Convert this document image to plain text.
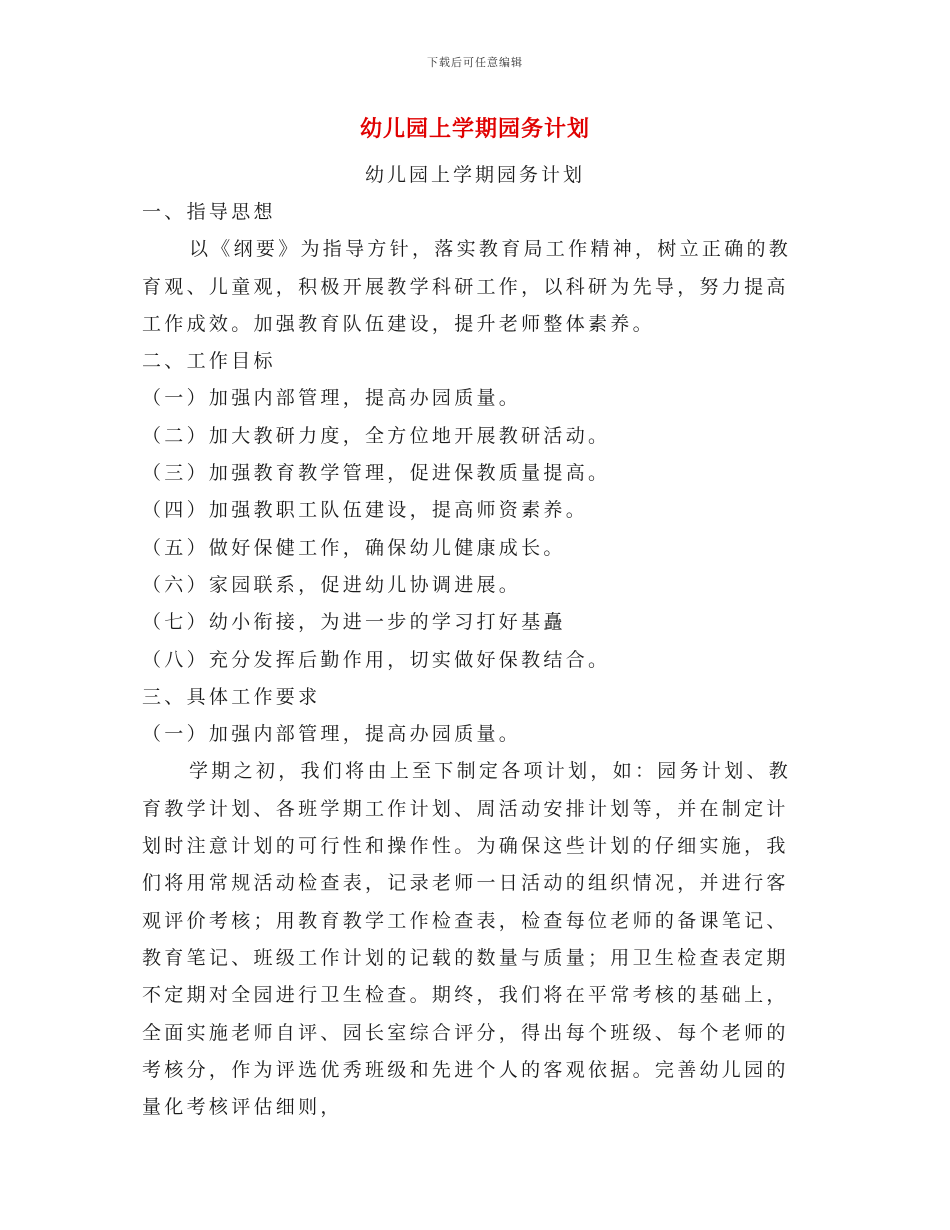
下载后可任意编辑
幼儿园上学期园务计划
幼儿园上学期园务计划

一、指导思想

以《纲要》为指导方针，落实教育局工作精神，树立正确的教育观、儿童观，积极开展教学科研工作，以科研为先导，努力提高工作成效。加强教育队伍建设，提升老师整体素养。

二、工作目标

（一）加强内部管理，提高办园质量。

（二）加大教研力度，全方位地开展教研活动。

（三）加强教育教学管理，促进保教质量提高。

（四）加强教职工队伍建设，提高师资素养。

（五）做好保健工作，确保幼儿健康成长。

（六）家园联系，促进幼儿协调进展。

（七）幼小衔接，为进一步的学习打好基矗

（八）充分发挥后勤作用，切实做好保教结合。

三、具体工作要求

（一）加强内部管理，提高办园质量。

学期之初，我们将由上至下制定各项计划，如：园务计划、教育教学计划、各班学期工作计划、周活动安排计划等，并在制定计划时注意计划的可行性和操作性。为确保这些计划的仔细实施，我们将用常规活动检查表，记录老师一日活动的组织情况，并进行客观评价考核；用教育教学工作检查表，检查每位老师的备课笔记、教育笔记、班级工作计划的记载的数量与质量；用卫生检查表定期不定期对全园进行卫生检查。期终，我们将在平常考核的基础上，全面实施老师自评、园长室综合评分，得出每个班级、每个老师的考核分，作为评选优秀班级和先进个人的客观依据。完善幼儿园的量化考核评估细则，
